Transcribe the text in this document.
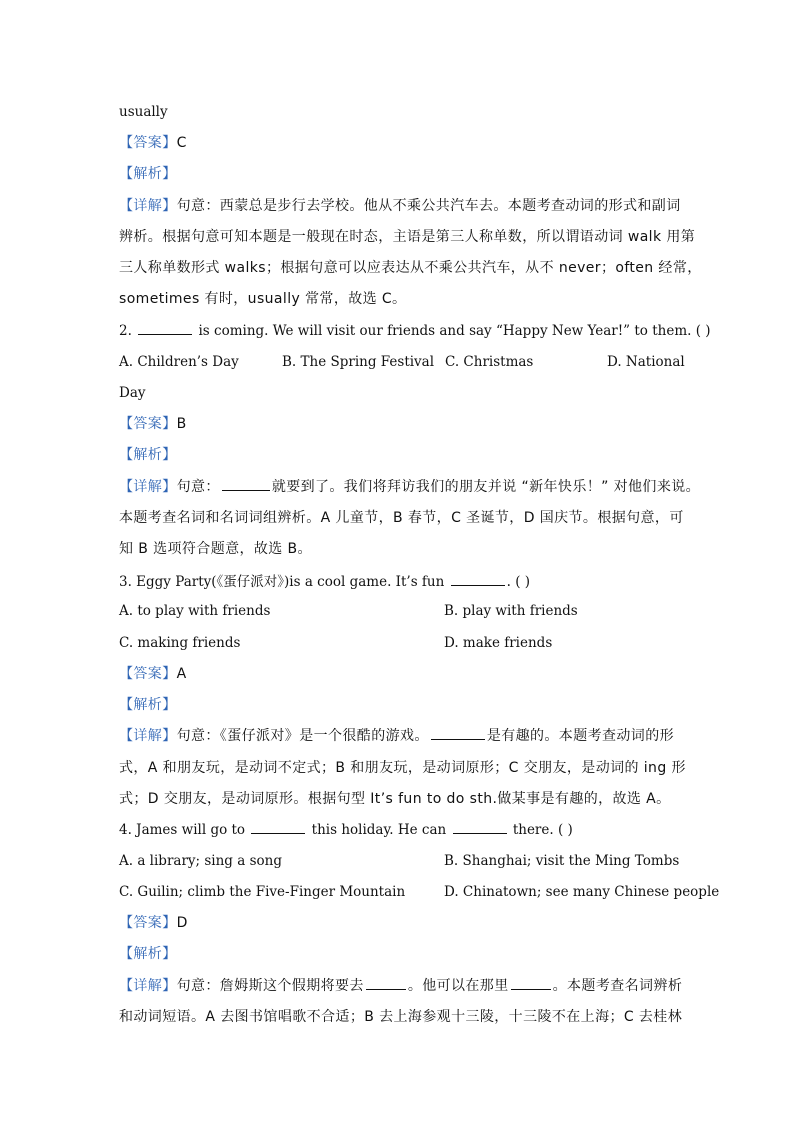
usually
【答案】C
【解析】
【详解】句意：西蒙总是步行去学校。他从不乘公共汽车去。本题考查动词的形式和副词
辨析。根据句意可知本题是一般现在时态，主语是第三人称单数，所以谓语动词 walk 用第
三人称单数形式 walks；根据句意可以应表达从不乘公共汽车，从不 never；often 经常，
sometimes 有时，usually 常常，故选 C。
2.	is coming. We will visit our friends and say “Happy New Year!” to them. ( )
A. Children’s Day	B. The Spring Festival C. Christmas	D. National
Day
【答案】B
【解析】
【详解】句意：	就要到了。我们将拜访我们的朋友并说 “新年快乐！” 对他们来说。
本题考查名词和名词词组辨析。A 儿童节，B 春节，C 圣诞节，D 国庆节。根据句意，可
知 B 选项符合题意，故选 B。
3. Eggy Party(《蛋仔派对》)is a cool game. It’s fun	. ( )
A. to play with friends	B. play with friends
C. making friends	D. make friends
【答案】A
【解析】
【详解】句意：《蛋仔派对》是一个很酷的游戏。	是有趣的。本题考查动词的形
式，A 和朋友玩，是动词不定式；B 和朋友玩，是动词原形；C 交朋友，是动词的 ing 形
式；D 交朋友，是动词原形。根据句型 It’s fun to do sth.做某事是有趣的，故选 A。
4. James will go to	this holiday. He can	there. ( )
A. a library; sing a song	B. Shanghai; visit the Ming Tombs
C. Guilin; climb the Five-Finger Mountain	D. Chinatown; see many Chinese people
【答案】D
【解析】
【详解】句意：詹姆斯这个假期将要去	。他可以在那里	。本题考查名词辨析
和动词短语。A 去图书馆唱歌不合适；B 去上海参观十三陵，十三陵不在上海；C 去桂林
